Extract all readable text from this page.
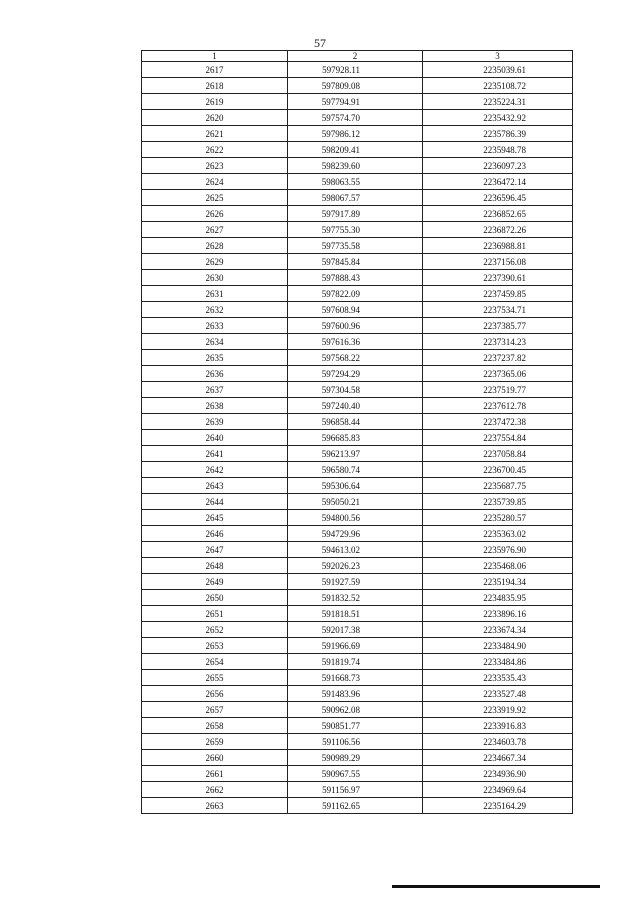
57
1	2	3
2617	597928.11	2235039.61
2618	597809.08	2235108.72
2619	597794.91	2235224.31
2620	597574.70	2235432.92
2621	597986.12	2235786.39
2622	598209.41	2235948.78
2623	598239.60	2236097.23
2624	598063.55	2236472.14
2625	598067.57	2236596.45
2626	597917.89	2236852.65
2627	597755.30	2236872.26
2628	597735.58	2236988.81
2629	597845.84	2237156.08
2630	597888.43	2237390.61
2631	597822.09	2237459.85
2632	597608.94	2237534.71
2633	597600.96	2237385.77
2634	597616.36	2237314.23
2635	597568.22	2237237.82
2636	597294.29	2237365.06
2637	597304.58	2237519.77
2638	597240.40	2237612.78
2639	596858.44	2237472.38
2640	596685.83	2237554.84
2641	596213.97	2237058.84
2642	596580.74	2236700.45
2643	595306.64	2235687.75
2644	595050.21	2235739.85
2645	594800.56	2235280.57
2646	594729.96	2235363.02
2647	594613.02	2235976.90
2648	592026.23	2235468.06
2649	591927.59	2235194.34
2650	591832.52	2234835.95
2651	591818.51	2233896.16
2652	592017.38	2233674.34
2653	591966.69	2233484.90
2654	591819.74	2233484.86
2655	591668.73	2233535.43
2656	591483.96	2233527.48
2657	590962.08	2233919.92
2658	590851.77	2233916.83
2659	591106.56	2234603.78
2660	590989.29	2234667.34
2661	590967.55	2234936.90
2662	591156.97	2234969.64
2663	591162.65	2235164.29
